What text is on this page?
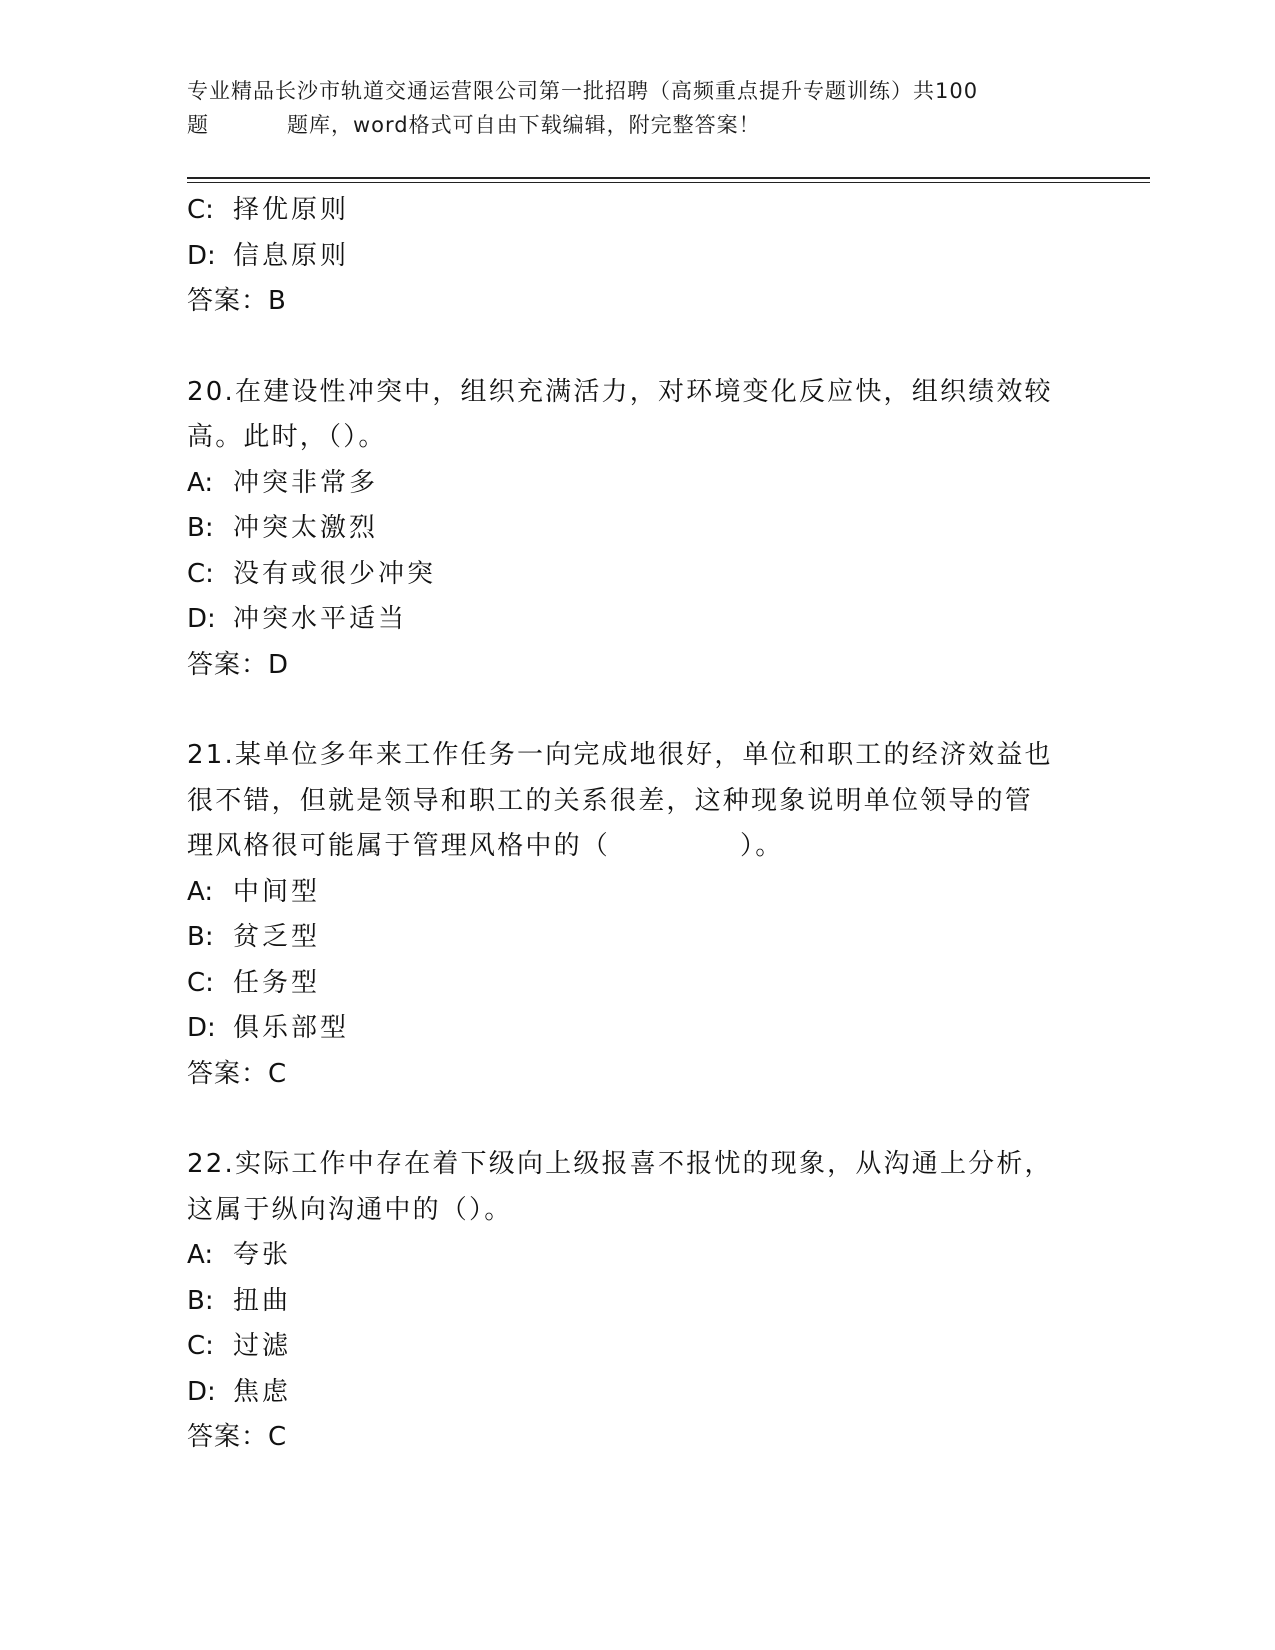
专业精品长沙市轨道交通运营限公司第一批招聘（高频重点提升专题训练）共100
题	题库，word格式可自由下载编辑，附完整答案！
C: 择优原则
D: 信息原则
答案：B
20.在建设性冲突中，组织充满活力，对环境变化反应快，组织绩效较
高。此时，（）。
A: 冲突非常多
B: 冲突太激烈
C: 没有或很少冲突
D: 冲突水平适当
答案：D
21.某单位多年来工作任务一向完成地很好，单位和职工的经济效益也
很不错，但就是领导和职工的关系很差，这种现象说明单位领导的管
理风格很可能属于管理风格中的（	）。
A: 中间型
B: 贫乏型
C: 任务型
D: 俱乐部型
答案：C
22.实际工作中存在着下级向上级报喜不报忧的现象，从沟通上分析，
这属于纵向沟通中的（）。
A: 夸张
B: 扭曲
C: 过滤
D: 焦虑
答案：C
